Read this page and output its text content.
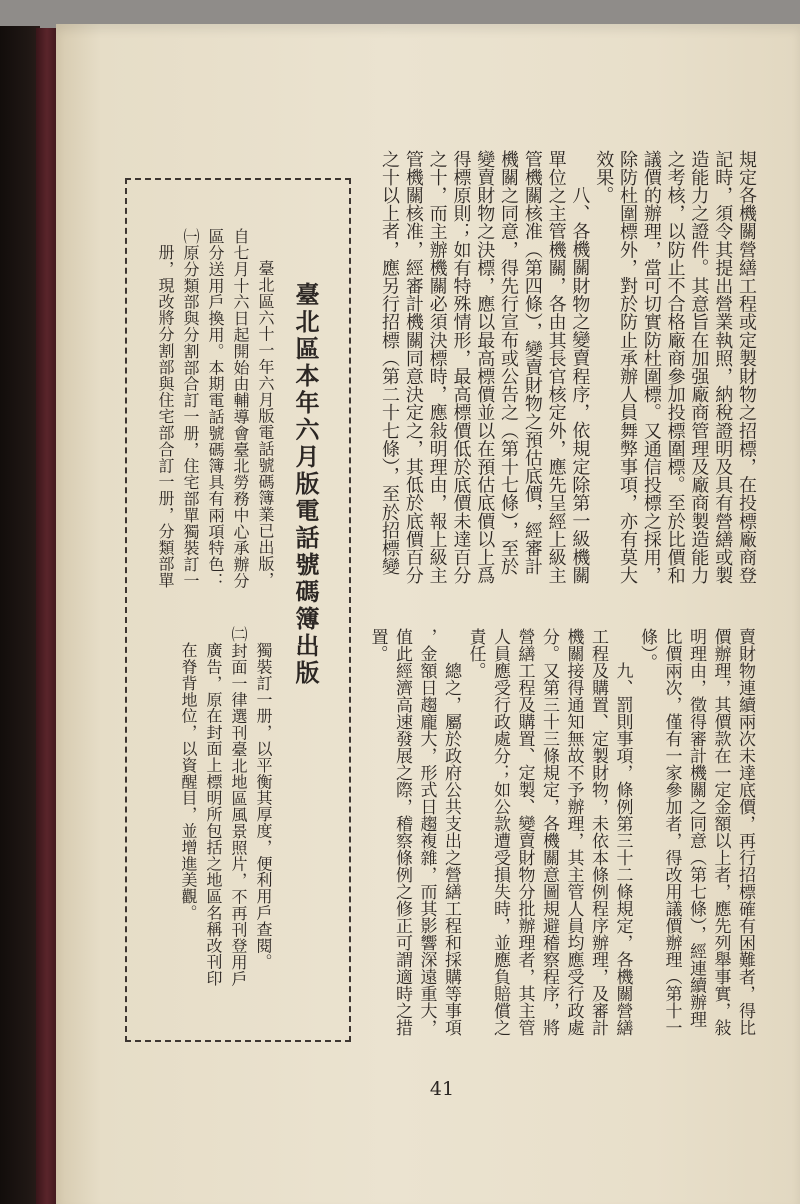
規定各機關營繕工程或定製財物之招標，在投標廠商登
記時，須令其提出營業執照，納稅證明及具有營繕或製
造能力之證件。其意旨在加强廠商管理及廠商製造能力
之考核，以防止不合格廠商參加投標圍標。至於比價和
議價的辦理，當可切實防杜圍標。又通信投標之採用，
除防杜圍標外，對於防止承辦人員舞弊事項，亦有莫大
效果。
八、各機關財物之變賣程序，依規定除第一級機關
單位之主管機關，各由其長官核定外，應先呈經上級主
管機關核准（第四條），變賣財物之預估底價，經審計
機關之同意，得先行宣布或公告之（第十七條），至於
變賣財物之決標，應以最高標價並以在預估底價以上爲
得標原則；如有特殊情形，最高標價低於底價未達百分
之十，而主辦機關必須決標時，應敍明理由，報上級主
管機關核准，經審計機關同意決定之，其低於底價百分
之十以上者，應另行招標（第二十七條），至於招標變
賣財物連續兩次未達底價，再行招標確有困難者，得比
價辦理，其價款在一定金額以上者，應先列舉事實，敍
明理由，徵得審計機關之同意（第七條），經連續辦理
比價兩次，僅有一家參加者，得改用議價辦理（第十一
條）。
九、罰則事項，條例第三十二條規定，各機關營繕
工程及購置、定製財物，未依本條例程序辦理，及審計
機關接得通知無故不予辦理，其主管人員均應受行政處
分。又第三十三條規定，各機關意圖規避稽察程序，將
營繕工程及購置、定製、變賣財物分批辦理者，其主管
人員應受行政處分；如公款遭受損失時，並應負賠償之
責任。
總之，屬於政府公共支出之營繕工程和採購等事項
，金額日趨龐大，形式日趨複雜，而其影響深遠重大，
值此經濟高速發展之際，稽察條例之修正可謂適時之措
置。
臺北區本年六月版電話號碼簿出版
臺北區六十一年六月版電話號碼簿業已出版，
自七月十六日起開始由輔導會臺北勞務中心承辦分
區分送用戶換用。本期電話號碼簿具有兩項特色：
㈠原分類部與分割部合訂一册，住宅部單獨裝訂一
册，現改將分割部與住宅部合訂一册，分類部單
獨裝訂一册，以平衡其厚度，便利用戶查閱。
㈡封面一律選刊臺北地區風景照片，不再刊登用戶
廣告，原在封面上標明所包括之地區名稱改刊印
在脊背地位，以資醒目，並增進美觀。
41
